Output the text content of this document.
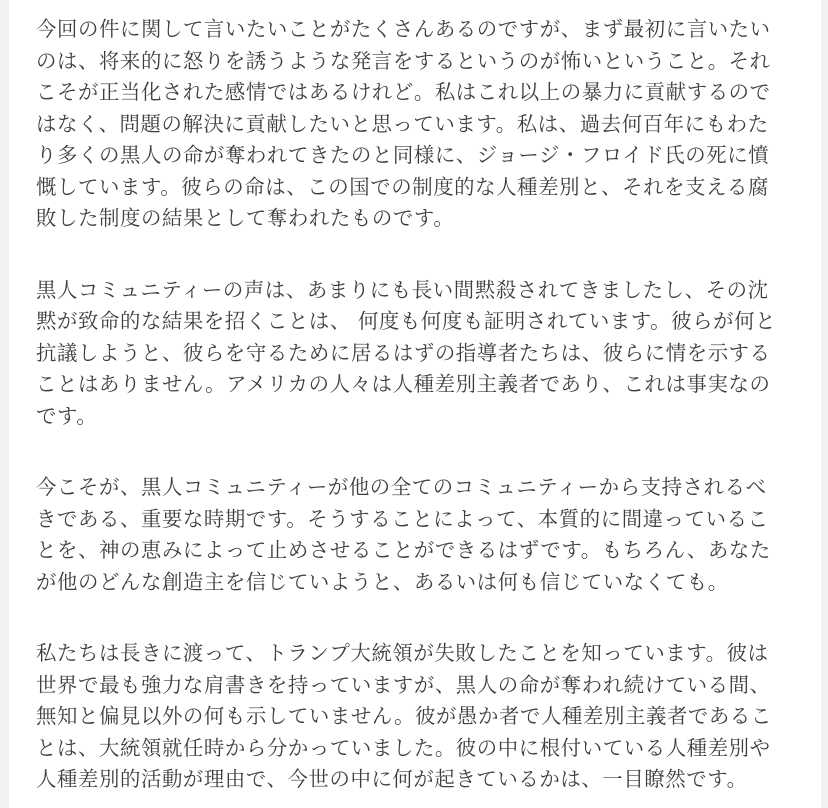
今回の件に関して言いたいことがたくさんあるのですが、まず最初に言いたい
のは、将来的に怒りを誘うような発言をするというのが怖いということ。それ
こそが正当化された感情ではあるけれど。私はこれ以上の暴力に貢献するので
はなく、問題の解決に貢献したいと思っています。私は、過去何百年にもわた
り多くの黒人の命が奪われてきたのと同様に、ジョージ・フロイド氏の死に憤
慨しています。彼らの命は、この国での制度的な人種差別と、それを支える腐
敗した制度の結果として奪われたものです。
黒人コミュニティーの声は、あまりにも長い間黙殺されてきましたし、その沈
黙が致命的な結果を招くことは、 何度も何度も証明されています。彼らが何と
抗議しようと、彼らを守るために居るはずの指導者たちは、彼らに情を示する
ことはありません。アメリカの人々は人種差別主義者であり、これは事実なの
です。
今こそが、黒人コミュニティーが他の全てのコミュニティーから支持されるべ
きである、重要な時期です。そうすることによって、本質的に間違っているこ
とを、神の恵みによって止めさせることができるはずです。もちろん、あなた
が他のどんな創造主を信じていようと、あるいは何も信じていなくても。
私たちは長きに渡って、トランプ大統領が失敗したことを知っています。彼は
世界で最も強力な肩書きを持っていますが、黒人の命が奪われ続けている間、
無知と偏見以外の何も示していません。彼が愚か者で人種差別主義者であるこ
とは、大統領就任時から分かっていました。彼の中に根付いている人種差別や
人種差別的活動が理由で、今世の中に何が起きているかは、一目瞭然です。
